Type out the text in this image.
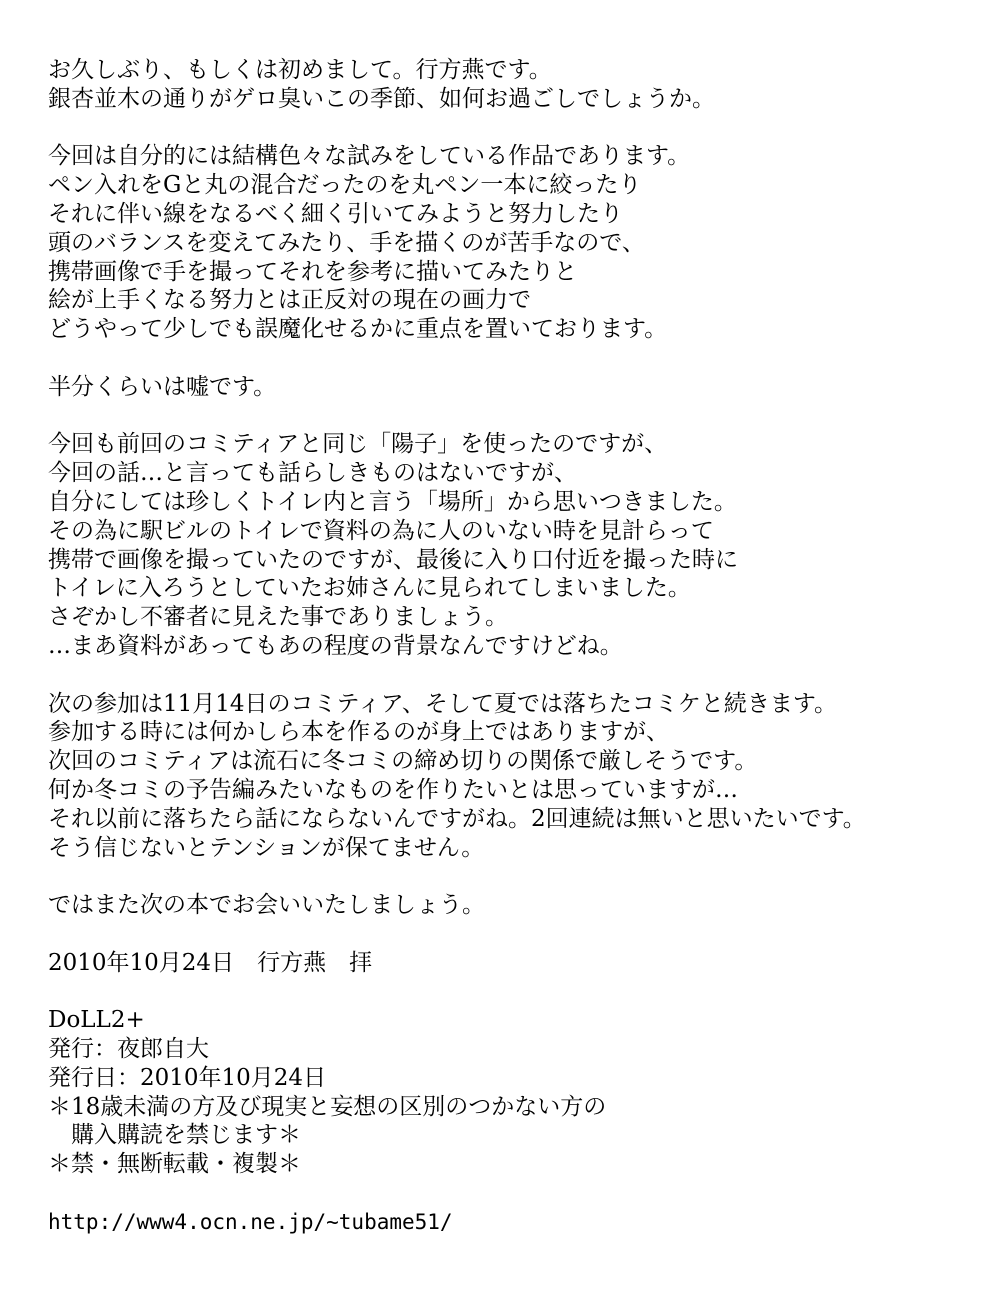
お久しぶり、もしくは初めまして。行方燕です。
銀杏並木の通りがゲロ臭いこの季節、如何お過ごしでしょうか。
今回は自分的には結構色々な試みをしている作品であります。
ペン入れをGと丸の混合だったのを丸ペン一本に絞ったり
それに伴い線をなるべく細く引いてみようと努力したり
頭のバランスを変えてみたり、手を描くのが苦手なので、
携帯画像で手を撮ってそれを参考に描いてみたりと
絵が上手くなる努力とは正反対の現在の画力で
どうやって少しでも誤魔化せるかに重点を置いております。
半分くらいは嘘です。
今回も前回のコミティアと同じ「陽子」を使ったのですが、
今回の話…と言っても話らしきものはないですが、
自分にしては珍しくトイレ内と言う「場所」から思いつきました。
その為に駅ビルのトイレで資料の為に人のいない時を見計らって
携帯で画像を撮っていたのですが、最後に入り口付近を撮った時に
トイレに入ろうとしていたお姉さんに見られてしまいました。
さぞかし不審者に見えた事でありましょう。
…まあ資料があってもあの程度の背景なんですけどね。
次の参加は11月14日のコミティア、そして夏では落ちたコミケと続きます。
参加する時には何かしら本を作るのが身上ではありますが、
次回のコミティアは流石に冬コミの締め切りの関係で厳しそうです。
何か冬コミの予告編みたいなものを作りたいとは思っていますが…
それ以前に落ちたら話にならないんですがね。2回連続は無いと思いたいです。
そう信じないとテンションが保てません。
ではまた次の本でお会いいたしましょう。
2010年10月24日　行方燕　拝
DoLL2+
発行：夜郎自大
発行日：2010年10月24日
＊18歳未満の方及び現実と妄想の区別のつかない方の
　購入購読を禁じます＊
＊禁・無断転載・複製＊
http://www4.ocn.ne.jp/~tubame51/
